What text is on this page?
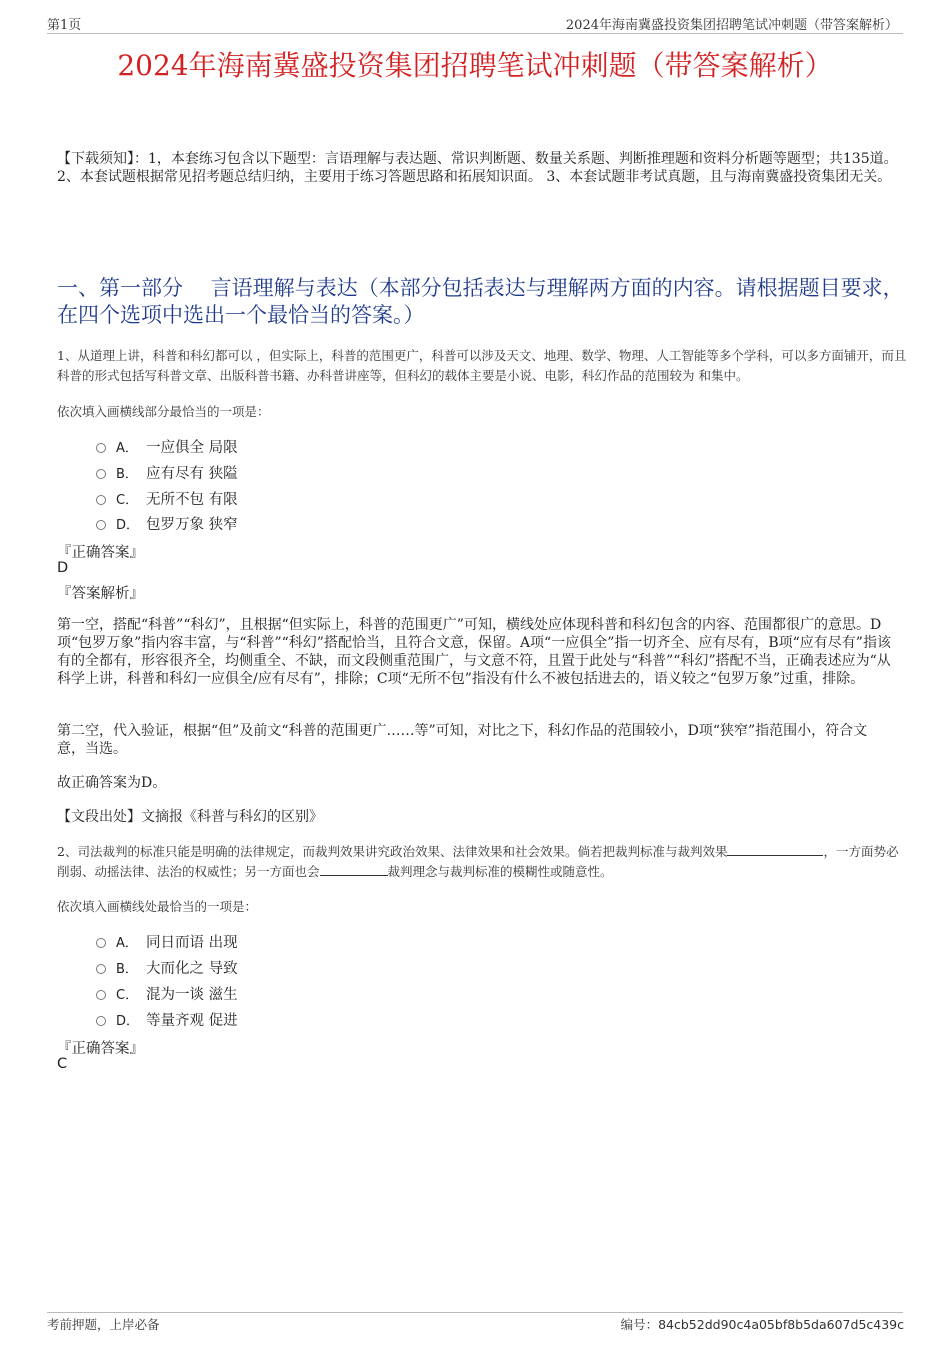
第1页	2024年海南冀盛投资集团招聘笔试冲刺题（带答案解析）
2024年海南冀盛投资集团招聘笔试冲刺题（带答案解析）
【下载须知】：1，本套练习包含以下题型：言语理解与表达题、常识判断题、数量关系题、判断推理题和资料分析题等题型；共135道。 2、本套试题根据常见招考题总结归纳，主要用于练习答题思路和拓展知识面。 3、本套试题非考试真题，且与海南冀盛投资集团无关。
一、第一部分　 言语理解与表达（本部分包括表达与理解两方面的内容。请根据题目要求，在四个选项中选出一个最恰当的答案。）
1、从道理上讲，科普和科幻都可以 ，但实际上，科普的范围更广，科普可以涉及天文、地理、数学、物理、人工智能等多个学科，可以多方面铺开，而且科普的形式包括写科普文章、出版科普书籍、办科普讲座等，但科幻的载体主要是小说、电影，科幻作品的范围较为 和集中。
依次填入画横线部分最恰当的一项是：
A． 一应俱全 局限
B． 应有尽有 狭隘
C． 无所不包 有限
D． 包罗万象 狭窄
『正确答案』
D
『答案解析』
第一空，搭配“科普”“科幻”，且根据“但实际上，科普的范围更广”可知，横线处应体现科普和科幻包含的内容、范围都很广的意思。D项“包罗万象”指内容丰富，与“科普”“科幻”搭配恰当，且符合文意，保留。A项“一应俱全”指一切齐全、应有尽有，B项“应有尽有”指该有的全都有，形容很齐全，均侧重全、不缺，而文段侧重范围广，与文意不符，且置于此处与“科普”“科幻”搭配不当，正确表述应为“从科学上讲，科普和科幻一应俱全/应有尽有”，排除；C项“无所不包”指没有什么不被包括进去的，语义较之“包罗万象”过重，排除。
第二空，代入验证，根据“但”及前文“科普的范围更广……等”可知，对比之下，科幻作品的范围较小，D项“狭窄”指范围小，符合文意，当选。
故正确答案为D。
【文段出处】文摘报《科普与科幻的区别》
2、司法裁判的标准只能是明确的法律规定，而裁判效果讲究政治效果、法律效果和社会效果。倘若把裁判标准与裁判效果	，一方面势必削弱、动摇法律、法治的权威性；另一方面也会	裁判理念与裁判标准的模糊性或随意性。
依次填入画横线处最恰当的一项是：
A． 同日而语 出现
B． 大而化之 导致
C． 混为一谈 滋生
D． 等量齐观 促进
『正确答案』
C
考前押题，上岸必备	编号：84cb52dd90c4a05bf8b5da607d5c439c
